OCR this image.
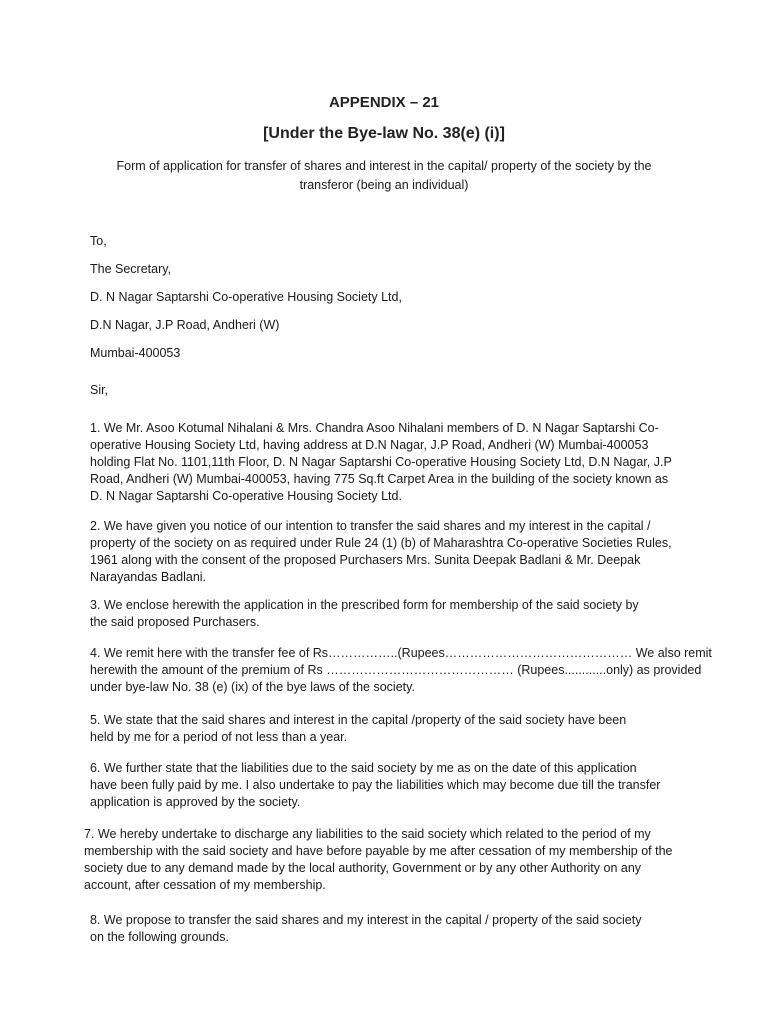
APPENDIX – 21
[Under the Bye-law No. 38(e) (i)]
Form of application for transfer of shares and interest in the capital/ property of the society by the
transferor (being an individual)
To,
The Secretary,
D. N Nagar Saptarshi Co-operative Housing Society Ltd,
D.N Nagar, J.P Road, Andheri (W)
Mumbai-400053
Sir,
1. We Mr. Asoo Kotumal Nihalani & Mrs. Chandra Asoo Nihalani members of D. N Nagar Saptarshi Co-
operative Housing Society Ltd, having address at D.N Nagar, J.P Road, Andheri (W) Mumbai-400053
holding Flat No. 1101,11th Floor, D. N Nagar Saptarshi Co-operative Housing Society Ltd, D.N Nagar, J.P
Road, Andheri (W) Mumbai-400053, having 775 Sq.ft Carpet Area in the building of the society known as
D. N Nagar Saptarshi Co-operative Housing Society Ltd.
2. We have given you notice of our intention to transfer the said shares and my interest in the capital /
property of the society on as required under Rule 24 (1) (b) of Maharashtra Co-operative Societies Rules,
1961 along with the consent of the proposed Purchasers Mrs. Sunita Deepak Badlani & Mr. Deepak
Narayandas Badlani.
3. We enclose herewith the application in the prescribed form for membership of the said society by
the said proposed Purchasers.
4. We remit here with the transfer fee of Rs……………..(Rupees……………………………………… We also remit
herewith the amount of the premium of Rs ……………………………………… (Rupees............only) as provided
under bye-law No. 38 (e) (ix) of the bye laws of the society.
5. We state that the said shares and interest in the capital /property of the said society have been
held by me for a period of not less than a year.
6. We further state that the liabilities due to the said society by me as on the date of this application
have been fully paid by me. I also undertake to pay the liabilities which may become due till the transfer
application is approved by the society.
7. We hereby undertake to discharge any liabilities to the said society which related to the period of my
membership with the said society and have before payable by me after cessation of my membership of the
society due to any demand made by the local authority, Government or by any other Authority on any
account, after cessation of my membership.
8. We propose to transfer the said shares and my interest in the capital / property of the said society
on the following grounds.
